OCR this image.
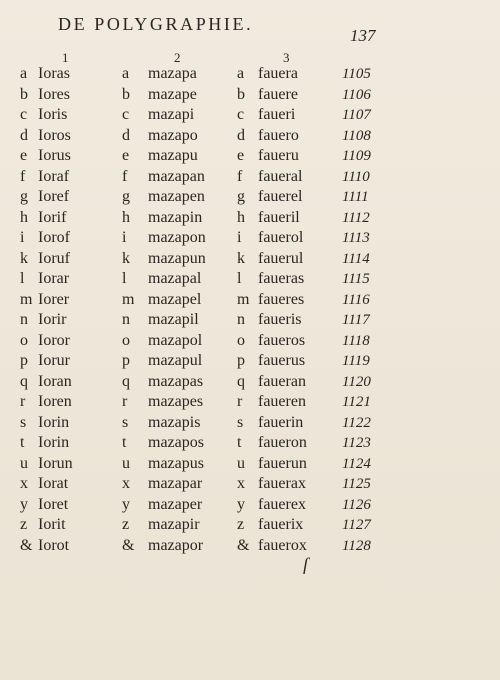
DE POLYGRAPHIE.
137
1	2	3
a Ioras	a mazapa	a fauera	1105
b Iores	b mazape	b fauere	1106
c Ioris	c mazapi	c faueri	1107
d Ioros	d mazapo d fauero	1108
e Iorus	e mazapu e faueru	1109
f Ioraf	f mazapan f faueral	1110
g Ioref	g mazapen g fauerel	1111
h Iorif	h mazapin h faueril	1112
i Iorof	i mazapon i fauerol	1113
k Ioruf	k mazapun k fauerul	1114
l Iorar	l mazapal l faueras	1115
m Iorer	m mazapel m faueres	1116
n Iorir	n mazapil n faueris	1117
o Ioror	o mazapol o fauerοs 1118
p Iorur	p mazapul p fauerus 1119
q Ioran	q mazapas q faueran 1120
r Ioren	r mazapes r faueren 1121
s Iorin	s mazapis s fauerin	1122
t Iorin	t mazapos t faueron 1123
u Iorun	u mazapus u fauerun 1124
x Iorat	x mazapar x fauerax 1125
y Ioret	y mazaper y fauerex 1126
z Iorit	z mazapir z fauerix	1127
& Iorot	& mazapor & fauerox 1128
ſ
